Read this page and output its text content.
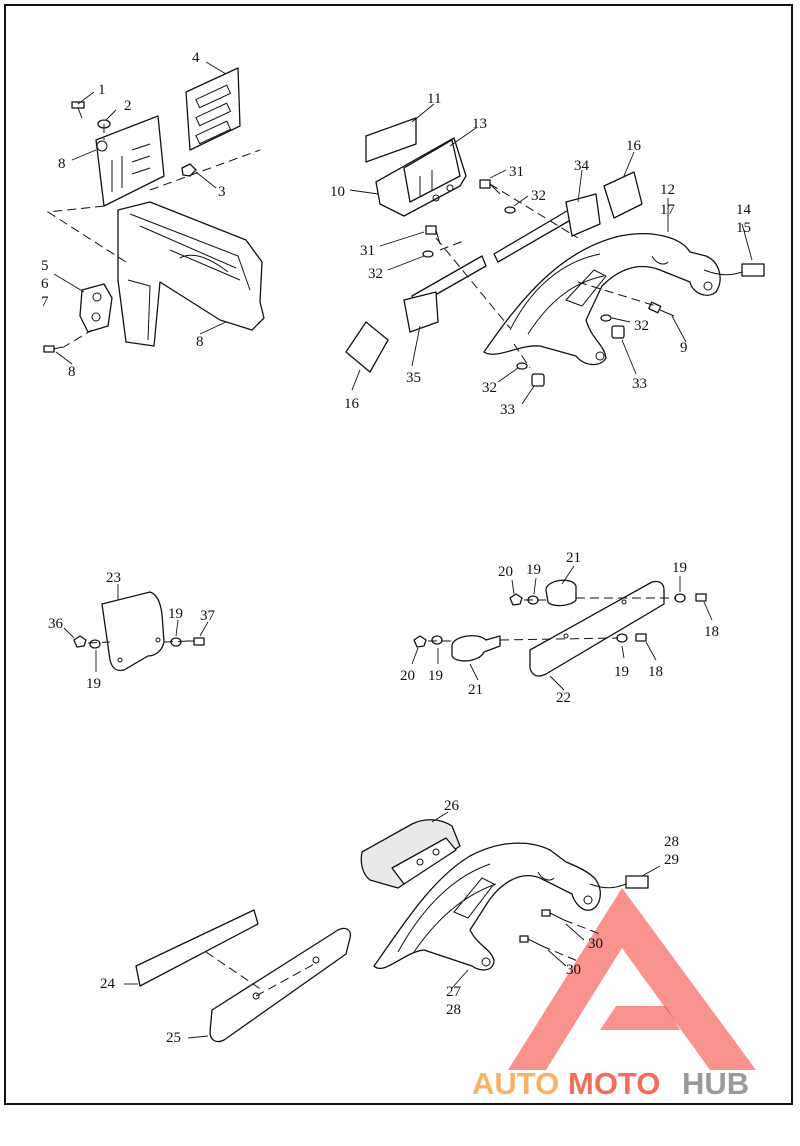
AUTO MOTO HUB
1
2
3
4
5
6
7
8
8
8
11
13
10
31
32
31
32
34
16
12
17	14
15
9
32
33
35
16
32
33
23
36
19
19 37
20 19
21
19
18
20 19
21	22
19 18
26
28
29
30
30
27
28
24
25
